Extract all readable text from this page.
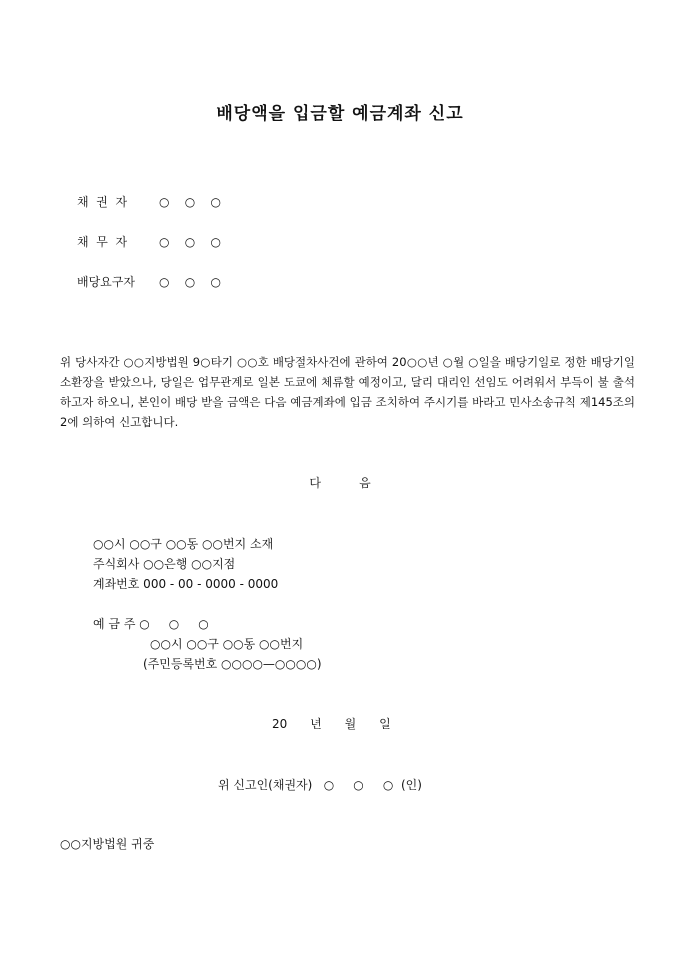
배당액을 입금할 예금계좌 신고
채  권  자	○    ○    ○
채  무  자	○    ○    ○
배당요구자 ○    ○    ○
위 당사자간 ○○지방법원 9○타기 ○○호 배당절차사건에 관하여 20○○년 ○월 ○일을 배당기일로 정한 배당기일소환장을 받았으나, 당일은 업무관계로 일본 도쿄에 체류할 예정이고, 달리 대리인 선임도 어려워서 부득이 불 출석 하고자 하오니, 본인이 배당 받을 금액은 다음 예금계좌에 입금 조치하여 주시기를 바라고 민사소송규칙 제145조의 2에 의하여 신고합니다.
다          음
○○시 ○○구 ○○동 ○○번지 소재
주식회사 ○○은행 ○○지점
계좌번호 000 - 00 - 0000 - 0000
예 금 주 ○     ○     ○
○○시 ○○구 ○○동 ○○번지
(주민등록번호 ○○○○—○○○○)
20      년      월      일
위 신고인(채권자)   ○     ○     ○  (인)
○○지방법원 귀중
